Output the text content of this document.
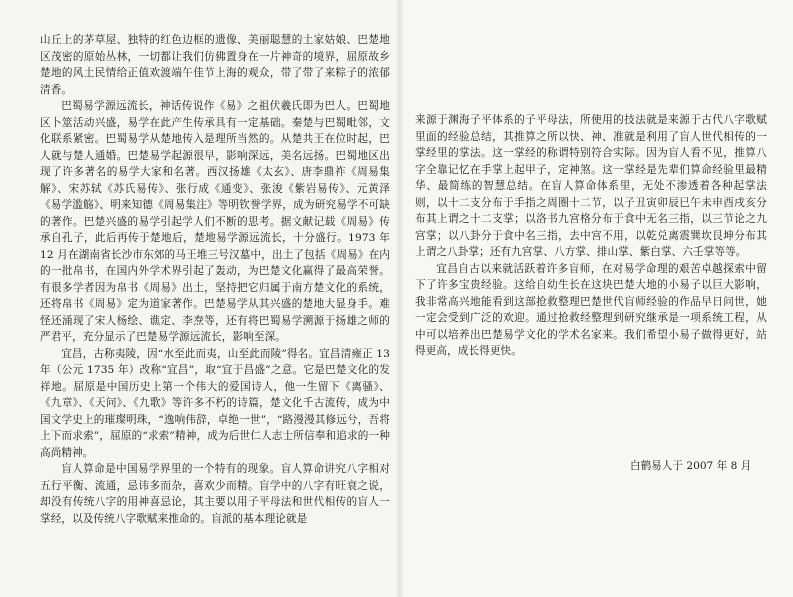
山丘上的茅草屋、独特的红色边框的遗像、美丽聪慧的土家姑娘、巴楚地区茂密的原始丛林，一切都让我们仿佛置身在一片神奇的境界，屈原故乡楚地的风土民情给正值欢渡端午佳节上海的观众，带了带了来粽子的浓郁清香。

巴蜀易学源远流长，神话传说作《易》之祖伏羲氏即为巴人。巴蜀地区卜筮活动兴盛，易学在此产生传承具有一定基础。秦楚与巴蜀毗邻，文化联系紧密。巴蜀易学从楚地传入是理所当然的。从楚共王在位时起，巴人就与楚人通婚。巴楚易学起源很早，影响深远，美名远扬。巴蜀地区出现了许多著名的易学大家和名著。西汉扬雄《太玄》、唐李鼎祚《周易集解》、宋苏轼《苏氏易传》、张行成《通变》、张浚《紫岩易传》、元黄泽《易学滥觞》、明来知德《周易集注》等明钦誉学界，成为研究易学不可缺的著作。巴楚兴盛的易学引起学人们不断的思考。据文献记载《周易》传承自孔子，此后再传于楚地后，楚地易学源远流长，十分盛行。1973 年 12 月在湖南省长沙市东郊的马王堆三号汉墓中，出土了包括《周易》在内的一批帛书，在国内外学术界引起了轰动，为巴楚文化赢得了最高荣誉。有很多学者因为帛书《周易》出土，坚持把它归属于南方楚文化的系统，还将帛书《周易》定为道家著作。巴楚易学从其兴盛的楚地大显身手。难怪还涌现了宋人杨绘、谯定、李焘等，还有将巴蜀易学溯源于扬雄之师的严君平，充分显示了巴楚易学源远流长，影响至深。

宜昌，古称夷陵，因“水至此而夷，山至此而陵”得名。宜昌清雍正 13 年（公元 1735 年）改称“宜昌”，取“宜于昌盛”之意。它是巴楚文化的发祥地。屈原是中国历史上第一个伟大的爱国诗人，他一生留下《离骚》、《九章》、《天问》、《九歌》等许多不朽的诗篇，楚文化千古流传，成为中国文学史上的璀璨明珠，“逸响伟辞，卓绝一世”，“路漫漫其修远兮，吾将上下而求索”，屈原的“求索”精神，成为后世仁人志士所信奉和追求的一种高尚精神。

盲人算命是中国易学界里的一个特有的现象。盲人算命讲究八字相对五行平衡、流通，忌讳多而杂，喜欢少而精。盲学中的八字有旺衰之说，却没有传统八字的用神喜忌论，其主要以用子平母法和世代相传的盲人一掌经，以及传统八字歌赋来推命的。盲派的基本理论就是

来源于渊海子平体系的子平母法，所使用的技法就是来源于古代八字歌赋里面的经验总结，其推算之所以快、神、准就是利用了盲人世代相传的一掌经里的掌法。这一掌经的称谓特别符合实际。因为盲人看不见，推算八字全靠记忆在手掌上起甲子，定神煞。这一掌经是先辈们算命经验里最精华、最简练的智慧总结。在盲人算命体系里，无处不渗透着各种起掌法则，以十二支分布于手指之周圈十二节，以子丑寅卯辰巳午未申酉戌亥分布其上谓之十二支掌；以洛书九宫格分布于食中无名三指，以三节论之九宫掌；以八卦分于食中名三指，去中宫不用，以乾兑离震巽坎艮坤分布其上谓之八卦掌；还有九宫掌、八方掌、排山掌、紫白掌、六壬掌等等。

宜昌自古以来就活跃着许多盲师，在对易学命理的艰苦卓越探索中留下了许多宝贵经验。这给自幼生长在这块巴楚大地的小易子以巨大影响，我非常高兴地能看到这部抢救整理巴楚世代盲师经验的作品早日问世，她一定会受到广泛的欢迎。通过抢救经整理到研究继承是一项系统工程，从中可以培养出巴楚易学文化的学术名家来。我们希望小易子做得更好，站得更高，成长得更快。

白鹤易人于 2007 年 8 月
